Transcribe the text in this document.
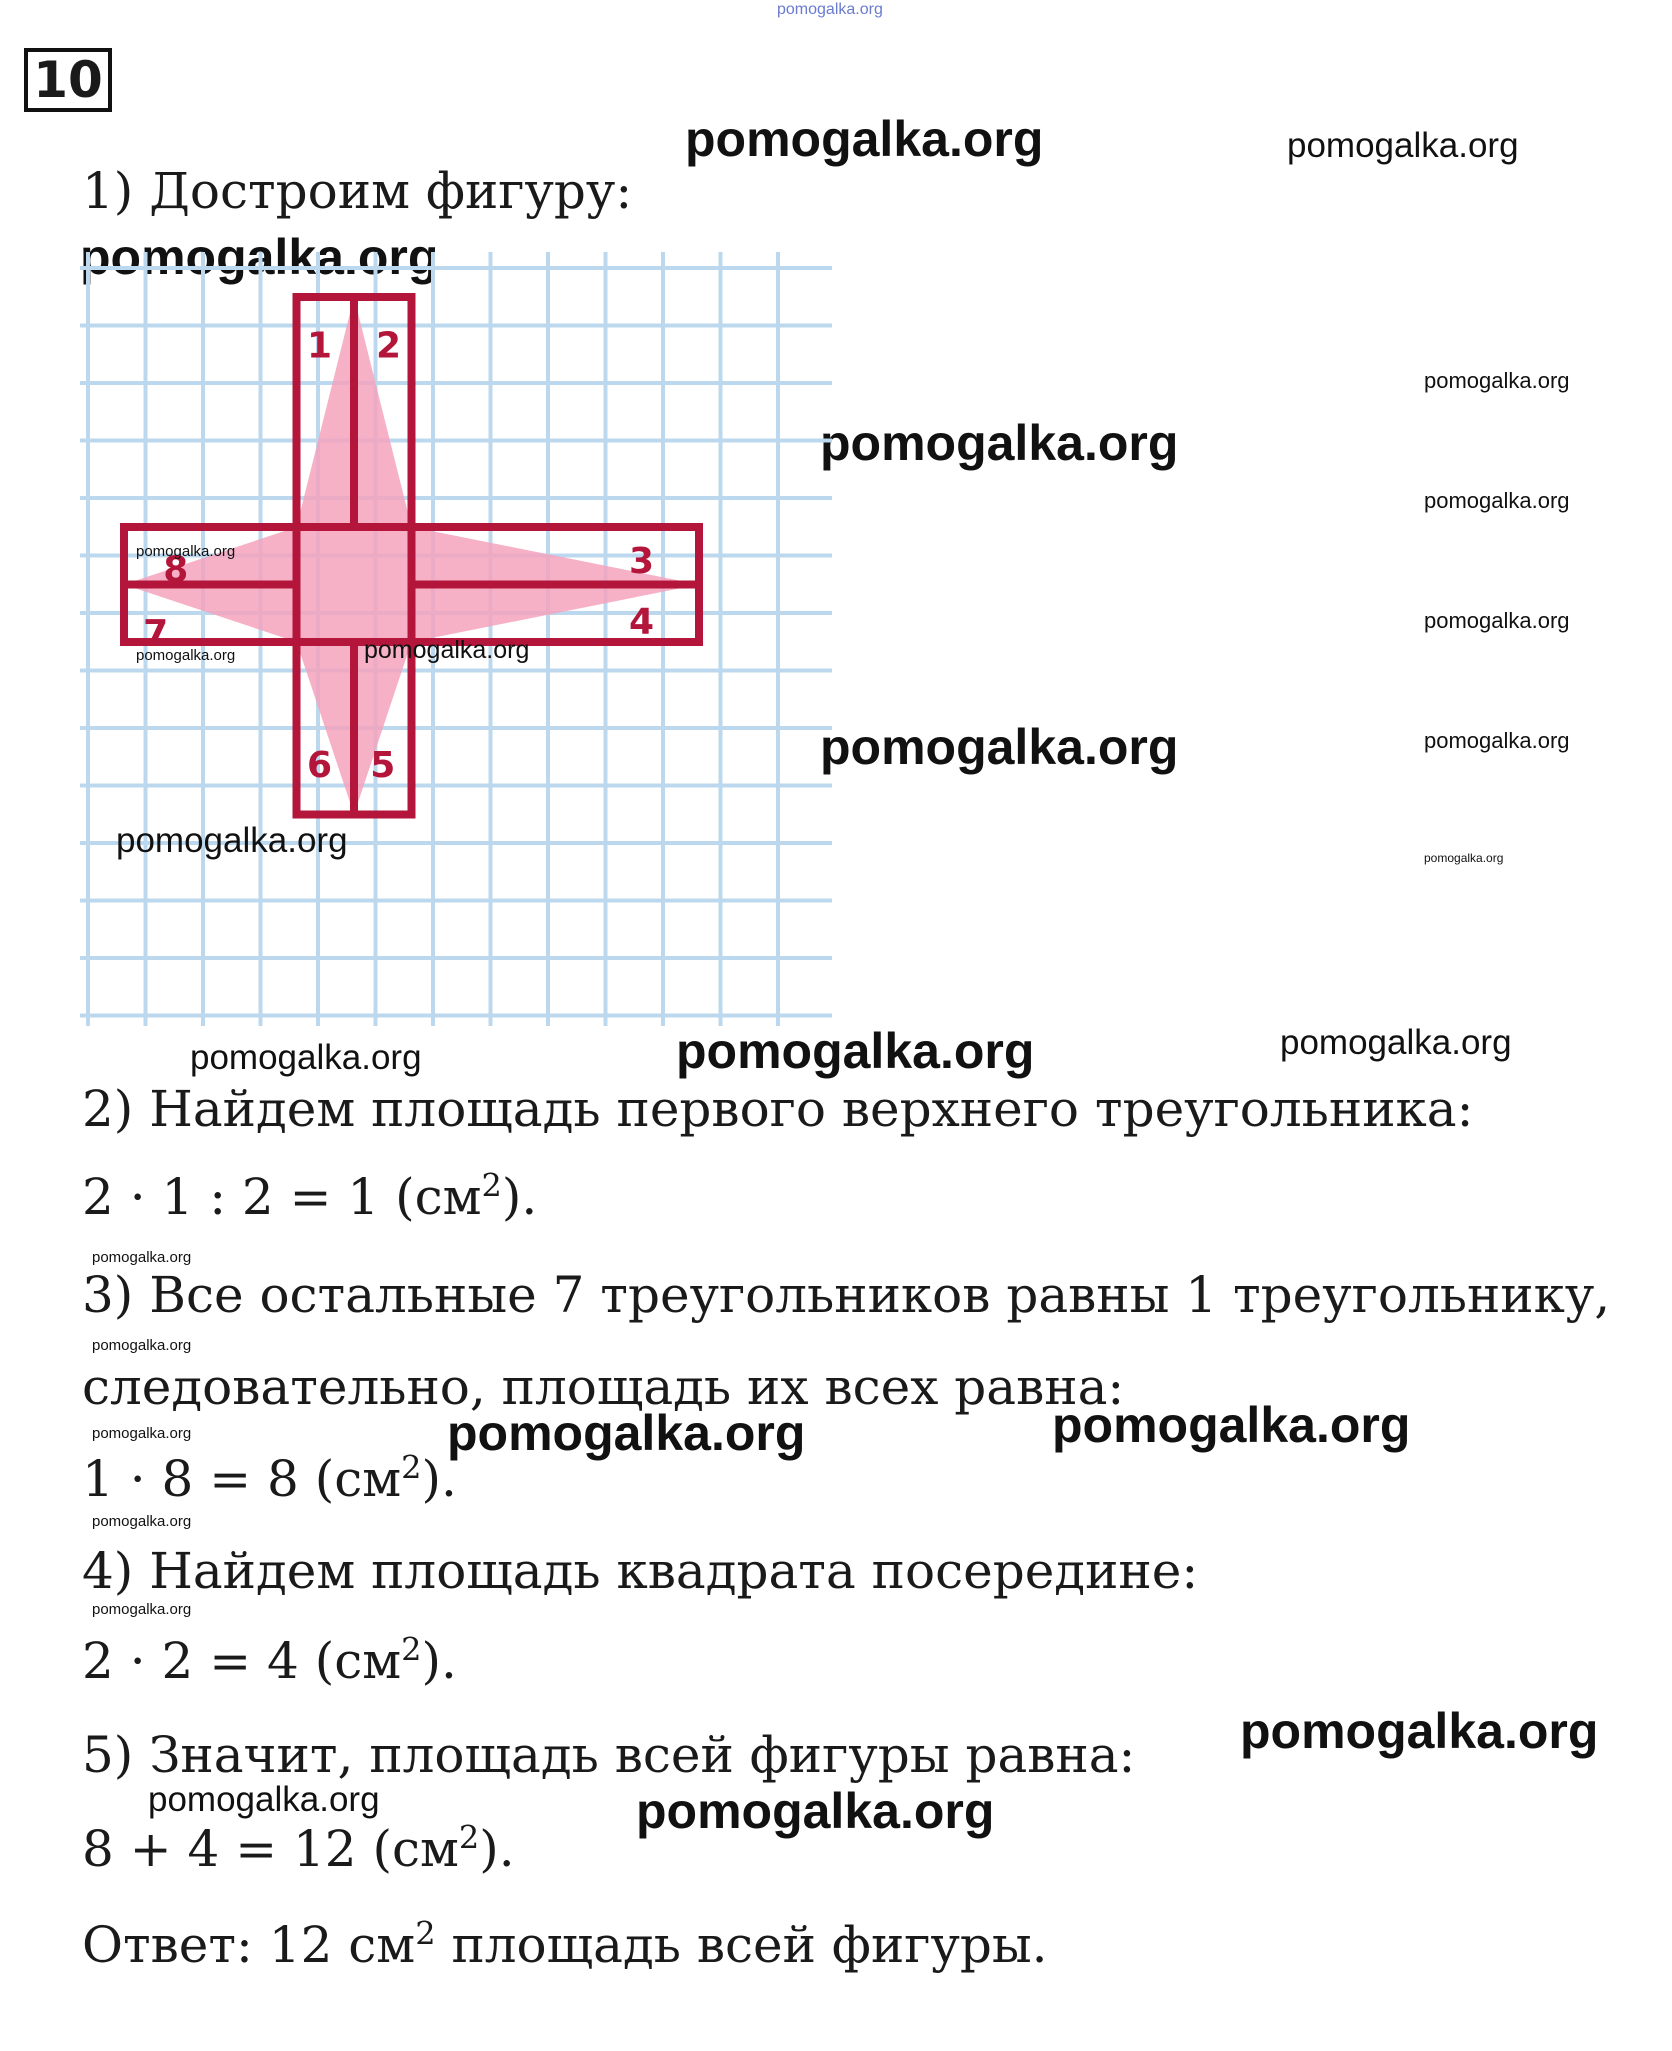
10
pomogalka.org
pomogalka.org	pomogalka.org
pomogalka.org
pomogalka.org
pomogalka.org
pomogalka.org
pomogalka.org
pomogalka.org	pomogalka.org
pomogalka.org
pomogalka.org
pomogalka.org	pomogalka.org
pomogalka.org
pomogalka.org
pomogalka.org	pomogalka.org	pomogalka.org
pomogalka.org
pomogalka.org
pomogalka.org
pomogalka.org	pomogalka.org
1) Достроим фигуру:
1 2
3
4
5
6
7
8
pomogalka.org
pomogalka.org	pomogalka.org
pomogalka.org
2) Найдем площадь первого верхнего треугольника:
2 · 1 : 2 = 1 $(см^2)$.
3) Все остальные 7 треугольников равны 1 треугольнику,
следовательно, площадь их всех равна:
1 · 8 = 8 $(см^2)$.
4) Найдем площадь квадрата посередине:
2 · 2 = 4 $(см^2)$.
5) Значит, площадь всей фигуры равна:
8 + 4 = 12 $(см^2)$.
Ответ: 12 $см^2$ площадь всей фигуры.
